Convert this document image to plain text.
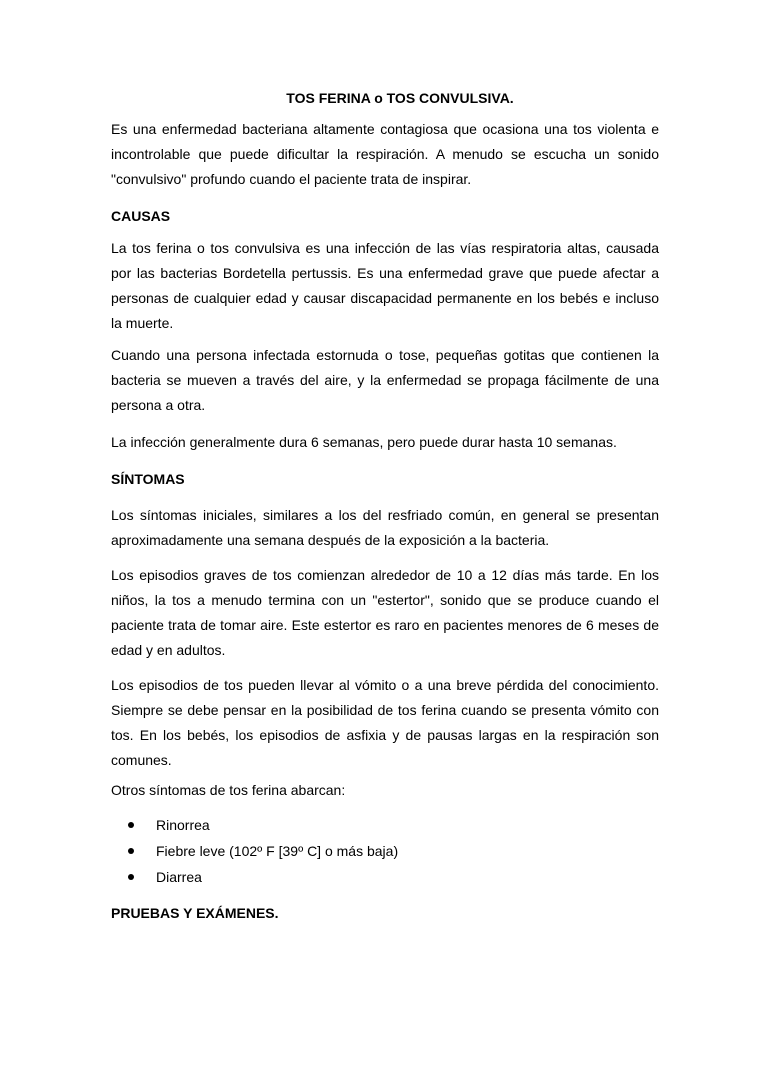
TOS FERINA o TOS CONVULSIVA.

Es una enfermedad bacteriana altamente contagiosa que ocasiona una tos violenta e incontrolable que puede dificultar la respiración. A menudo se escucha un sonido "convulsivo" profundo cuando el paciente trata de inspirar.

CAUSAS

La tos ferina o tos convulsiva es una infección de las vías respiratoria altas, causada por las bacterias Bordetella pertussis. Es una enfermedad grave que puede afectar a personas de cualquier edad y causar discapacidad permanente en los bebés e incluso la muerte.

Cuando una persona infectada estornuda o tose, pequeñas gotitas que contienen la bacteria se mueven a través del aire, y la enfermedad se propaga fácilmente de una persona a otra.

La infección generalmente dura 6 semanas, pero puede durar hasta 10 semanas.

SÍNTOMAS

Los síntomas iniciales, similares a los del resfriado común, en general se presentan aproximadamente una semana después de la exposición a la bacteria.

Los episodios graves de tos comienzan alrededor de 10 a 12 días más tarde. En los niños, la tos a menudo termina con un "estertor", sonido que se produce cuando el paciente trata de tomar aire. Este estertor es raro en pacientes menores de 6 meses de edad y en adultos.

Los episodios de tos pueden llevar al vómito o a una breve pérdida del conocimiento. Siempre se debe pensar en la posibilidad de tos ferina cuando se presenta vómito con tos. En los bebés, los episodios de asfixia y de pausas largas en la respiración son comunes.

Otros síntomas de tos ferina abarcan:

Rinorrea
Fiebre leve (102º F [39º C] o más baja)
Diarrea
PRUEBAS Y EXÁMENES.
